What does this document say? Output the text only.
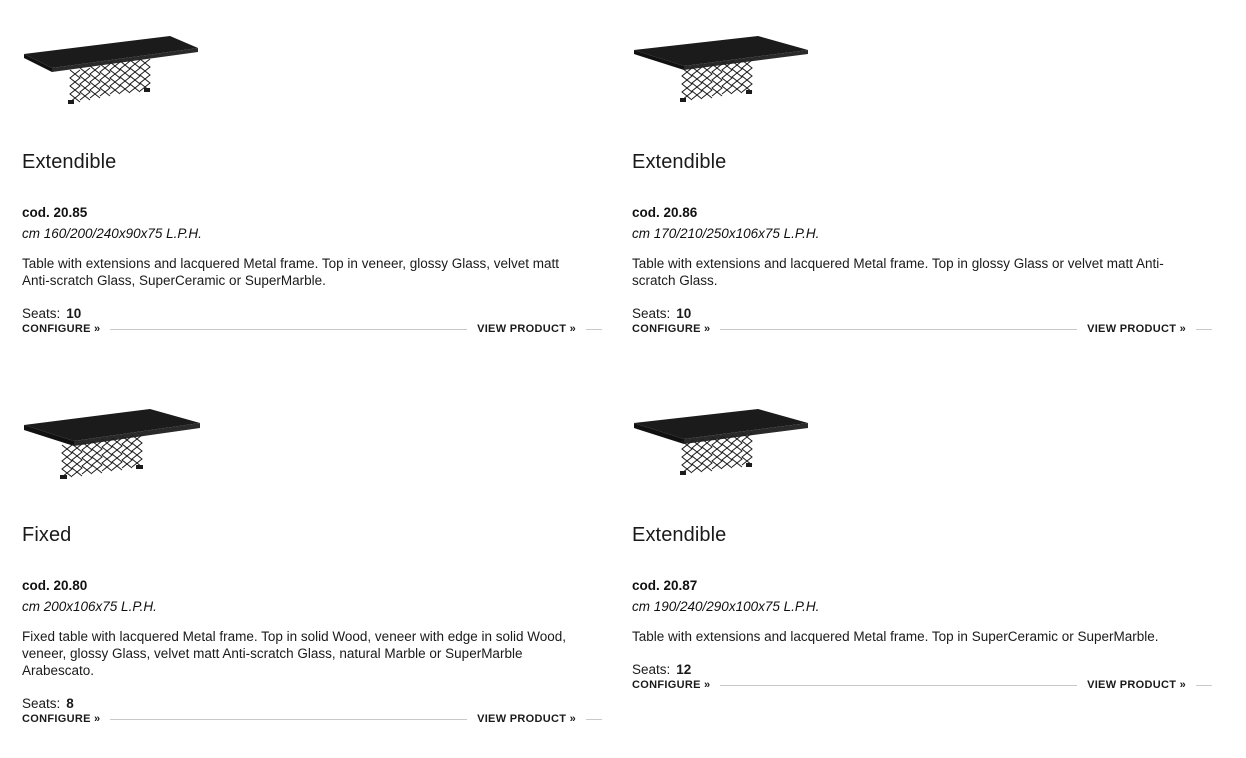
Extendible
cod. 20.85
cm 160/200/240x90x75 L.P.H.
Table with extensions and lacquered Metal frame. Top in veneer, glossy Glass, velvet matt Anti-scratch Glass, SuperCeramic or SuperMarble.
Seats: 10
CONFIGURE »	VIEW PRODUCT »
Extendible
cod. 20.86
cm 170/210/250x106x75 L.P.H.
Table with extensions and lacquered Metal frame. Top in glossy Glass or velvet matt Anti-scratch Glass.
Seats: 10
CONFIGURE »	VIEW PRODUCT »
Fixed
cod. 20.80
cm 200x106x75 L.P.H.
Fixed table with lacquered Metal frame. Top in solid Wood, veneer with edge in solid Wood, veneer, glossy Glass, velvet matt Anti-scratch Glass, natural Marble or SuperMarble Arabescato.
Seats: 8
CONFIGURE »	VIEW PRODUCT »
Extendible
cod. 20.87
cm 190/240/290x100x75 L.P.H.
Table with extensions and lacquered Metal frame. Top in SuperCeramic or SuperMarble.
Seats: 12
CONFIGURE »	VIEW PRODUCT »
